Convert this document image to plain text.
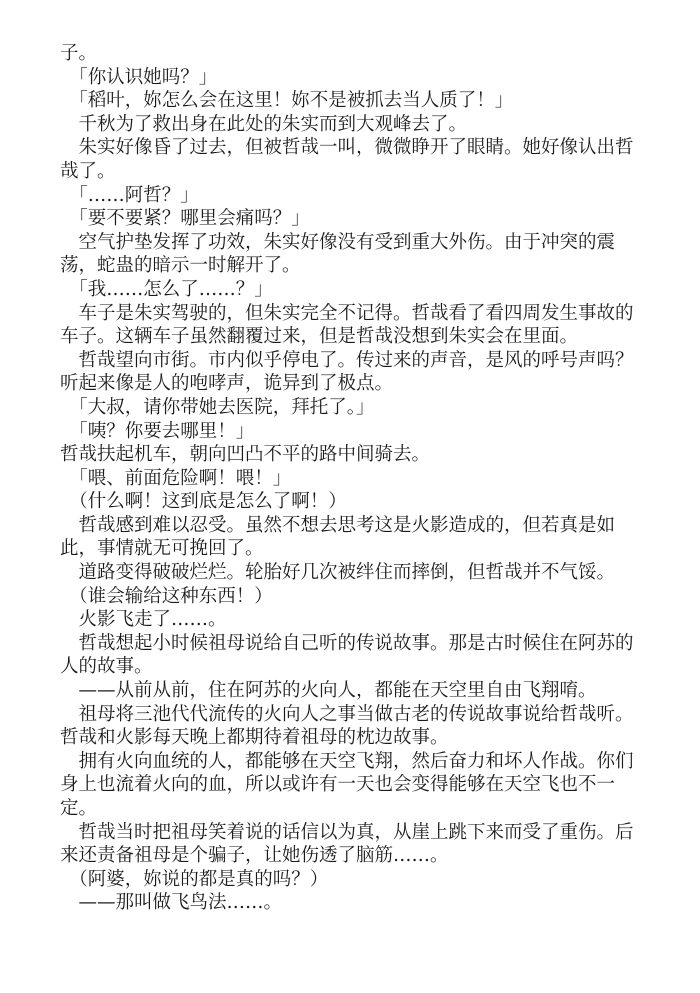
子。

　「你认识她吗？」

　「稻叶，妳怎么会在这里！妳不是被抓去当人质了！」

　千秋为了救出身在此处的朱实而到大观峰去了。

　朱实好像昏了过去，但被哲哉一叫，微微睁开了眼睛。她好像认出哲哉了。

　「……阿哲？」

　「要不要紧？哪里会痛吗？」

　空气护垫发挥了功效，朱实好像没有受到重大外伤。由于冲突的震荡，蛇蛊的暗示一时解开了。

　「我……怎么了……？」

　车子是朱实驾驶的，但朱实完全不记得。哲哉看了看四周发生事故的车子。这辆车子虽然翻覆过来，但是哲哉没想到朱实会在里面。

　哲哉望向市街。市内似乎停电了。传过来的声音，是风的呼号声吗？听起来像是人的咆哮声，诡异到了极点。

　「大叔，请你带她去医院，拜托了。」

　「咦？你要去哪里！」

哲哉扶起机车，朝向凹凸不平的路中间骑去。

　「喂、前面危险啊！喂！」

　（什么啊！这到底是怎么了啊！）

　哲哉感到难以忍受。虽然不想去思考这是火影造成的，但若真是如此，事情就无可挽回了。

　道路变得破破烂烂。轮胎好几次被绊住而摔倒，但哲哉并不气馁。

　（谁会输给这种东西！）

　火影飞走了……。

　哲哉想起小时候祖母说给自己听的传说故事。那是古时候住在阿苏的人的故事。

　——从前从前，住在阿苏的火向人，都能在天空里自由飞翔唷。

　祖母将三池代代流传的火向人之事当做古老的传说故事说给哲哉听。哲哉和火影每天晚上都期待着祖母的枕边故事。

　拥有火向血统的人，都能够在天空飞翔，然后奋力和坏人作战。你们身上也流着火向的血，所以或许有一天也会变得能够在天空飞也不一定。

　哲哉当时把祖母笑着说的话信以为真，从崖上跳下来而受了重伤。后来还责备祖母是个骗子，让她伤透了脑筋……。

　（阿婆，妳说的都是真的吗？）

　——那叫做飞鸟法……。
